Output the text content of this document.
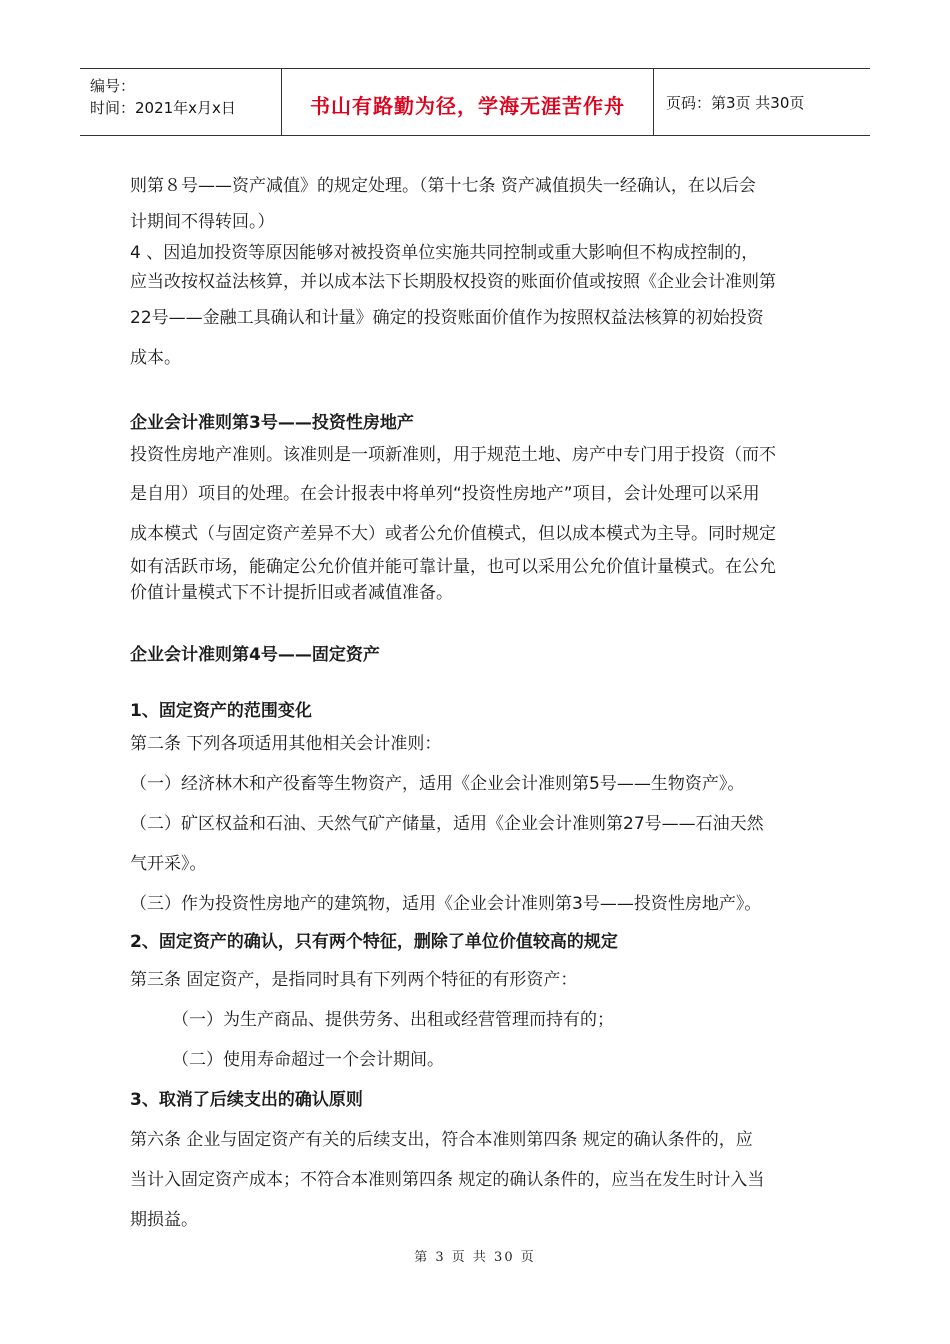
编号：
时间：2021年x月x日	书山有路勤为径，学海无涯苦作舟	页码：第3页 共30页

则第８号——资产减值》的规定处理。（第十七条 资产减值损失一经确认，在以后会

计期间不得转回。）

4 、因追加投资等原因能够对被投资单位实施共同控制或重大影响但不构成控制的，

应当改按权益法核算，并以成本法下长期股权投资的账面价值或按照《企业会计准则第

22号——金融工具确认和计量》确定的投资账面价值作为按照权益法核算的初始投资

成本。

企业会计准则第3号——投资性房地产

投资性房地产准则。该准则是一项新准则，用于规范土地、房产中专门用于投资（而不

是自用）项目的处理。在会计报表中将单列“投资性房地产”项目，会计处理可以采用

成本模式（与固定资产差异不大）或者公允价值模式，但以成本模式为主导。同时规定

如有活跃市场，能确定公允价值并能可靠计量，也可以采用公允价值计量模式。在公允

价值计量模式下不计提折旧或者减值准备。

企业会计准则第4号——固定资产

1、固定资产的范围变化

第二条 下列各项适用其他相关会计准则：

（一）经济林木和产役畜等生物资产，适用《企业会计准则第5号——生物资产》。

（二）矿区权益和石油、天然气矿产储量，适用《企业会计准则第27号——石油天然

气开采》。

（三）作为投资性房地产的建筑物，适用《企业会计准则第3号——投资性房地产》。

2、固定资产的确认，只有两个特征，删除了单位价值较高的规定

第三条 固定资产，是指同时具有下列两个特征的有形资产：

（一）为生产商品、提供劳务、出租或经营管理而持有的；

（二）使用寿命超过一个会计期间。

3、取消了后续支出的确认原则

第六条 企业与固定资产有关的后续支出，符合本准则第四条 规定的确认条件的，应

当计入固定资产成本；不符合本准则第四条 规定的确认条件的，应当在发生时计入当

期损益。

第 3 页 共 30 页
